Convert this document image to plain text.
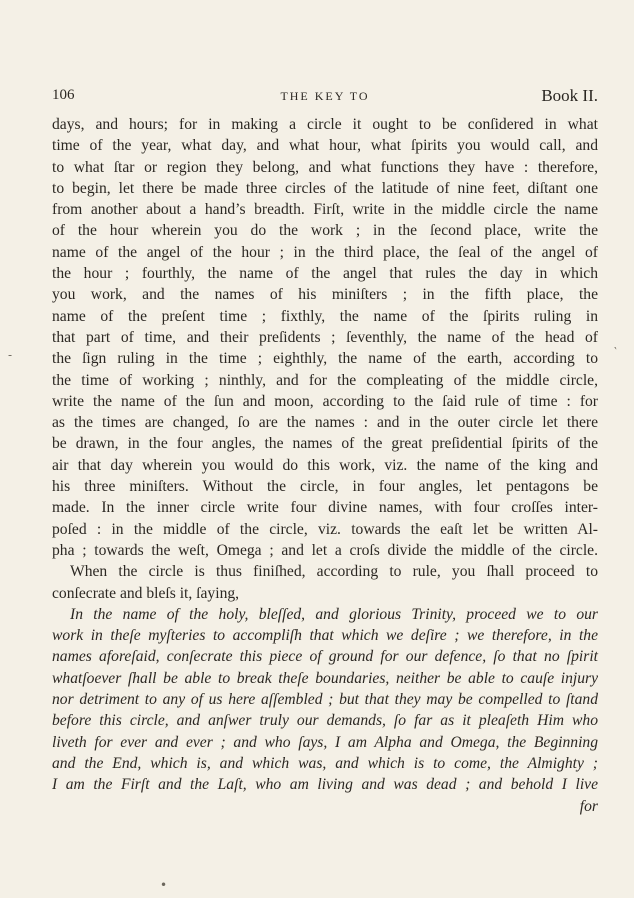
106	THE KEY TO	Book II.
days, and hours; for in making a circle it ought to be conſidered in what
time of the year, what day, and what hour, what ſpirits you would call, and
to what ſtar or region they belong, and what functions they have : therefore,
to begin, let there be made three circles of the latitude of nine feet, diſtant one
from another about a hand’s breadth. Firſt, write in the middle circle the name
of the hour wherein you do the work ; in the ſecond place, write the
name of the angel of the hour ; in the third place, the ſeal of the angel of
the hour ; fourthly, the name of the angel that rules the day in which
you work, and the names of his miniſters ; in the fifth place, the
name of the preſent time ; fixthly, the name of the ſpirits ruling in
that part of time, and their preſidents ; ſeventhly, the name of the head of
the ſign ruling in the time ; eighthly, the name of the earth, according to
the time of working ; ninthly, and for the compleating of the middle circle,
write the name of the ſun and moon, according to the ſaid rule of time : for
as the times are changed, ſo are the names : and in the outer circle let there
be drawn, in the four angles, the names of the great preſidential ſpirits of the
air that day wherein you would do this work, viz. the name of the king and
his three miniſters. Without the circle, in four angles, let pentagons be
made. In the inner circle write four divine names, with four croſſes inter-
poſed : in the middle of the circle, viz. towards the eaſt let be written Al-
pha ; towards the weſt, Omega ; and let a croſs divide the middle of the circle.
When the circle is thus finiſhed, according to rule, you ſhall proceed to
conſecrate and bleſs it, ſaying,
In the name of the holy, bleſſed, and glorious Trinity, proceed we to our
work in theſe myſteries to accompliſh that which we deſire ; we therefore, in the
names aforeſaid, conſecrate this piece of ground for our defence, ſo that no ſpirit
whatſoever ſhall be able to break theſe boundaries, neither be able to cauſe injury
nor detriment to any of us here aſſembled ; but that they may be compelled to ſtand
before this circle, and anſwer truly our demands, ſo far as it pleaſeth Him who
liveth for ever and ever ; and who ſays, I am Alpha and Omega, the Beginning
and the End, which is, and which was, and which is to come, the Almighty ;
I am the Firſt and the Laſt, who am living and was dead ; and behold I live
for
-	‵
•
